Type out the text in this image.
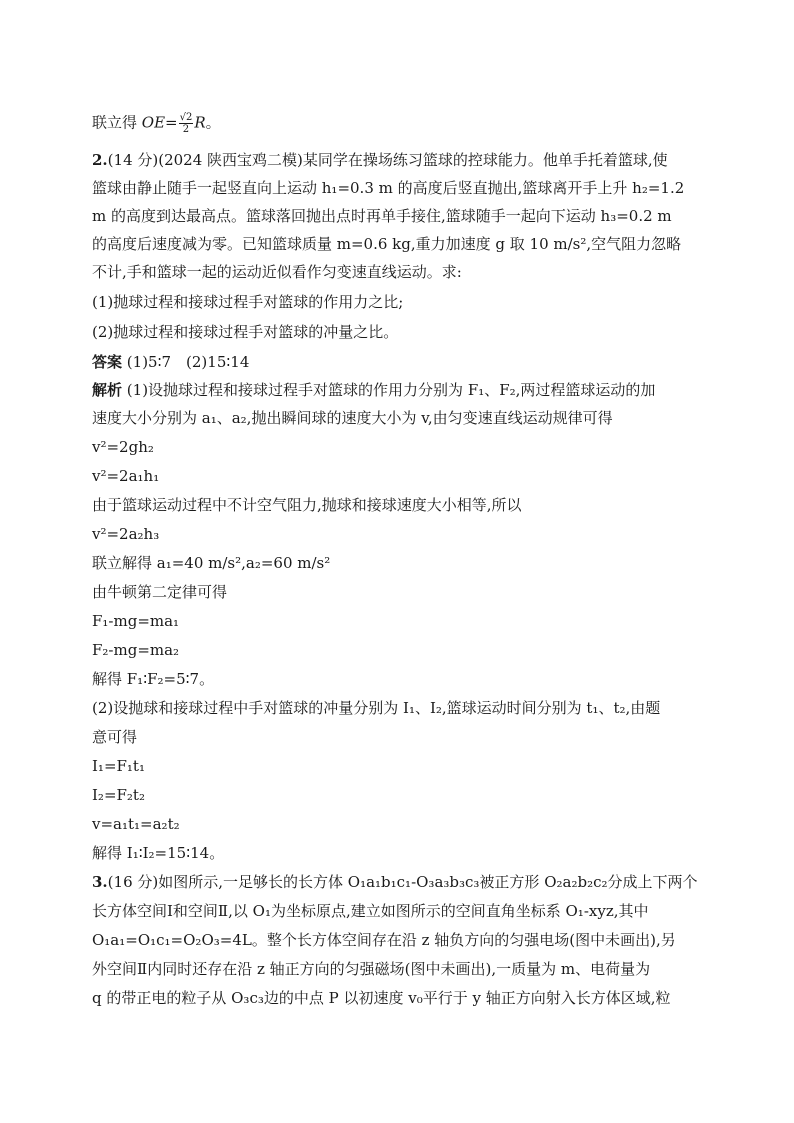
联立得 $OE= \frac{√2}{2}$ R。
2.(14 分)(2024 陕西宝鸡二模)某同学在操场练习篮球的控球能力。他单手托着篮球,使
篮球由静止随手一起竖直向上运动 h₁=0.3 m 的高度后竖直抛出,篮球离开手上升 h₂=1.2
m 的高度到达最高点。篮球落回抛出点时再单手接住,篮球随手一起向下运动 h₃=0.2 m
的高度后速度减为零。已知篮球质量 m=0.6 kg,重力加速度 g 取 10 m/s²,空气阻力忽略
不计,手和篮球一起的运动近似看作匀变速直线运动。求:
(1)抛球过程和接球过程手对篮球的作用力之比;
(2)抛球过程和接球过程手对篮球的冲量之比。
答案 (1)5∶7　(2)15∶14
解析 (1)设抛球过程和接球过程手对篮球的作用力分别为 F₁、F₂,两过程篮球运动的加
速度大小分别为 a₁、a₂,抛出瞬间球的速度大小为 v,由匀变速直线运动规律可得
v²=2gh₂
v²=2a₁h₁
由于篮球运动过程中不计空气阻力,抛球和接球速度大小相等,所以
v²=2a₂h₃
联立解得 a₁=40 m/s²,a₂=60 m/s²
由牛顿第二定律可得
F₁-mg=ma₁
F₂-mg=ma₂
解得 F₁∶F₂=5∶7。
(2)设抛球和接球过程中手对篮球的冲量分别为 I₁、I₂,篮球运动时间分别为 t₁、t₂,由题
意可得
I₁=F₁t₁
I₂=F₂t₂
v=a₁t₁=a₂t₂
解得 I₁∶I₂=15∶14。
3.(16 分)如图所示,一足够长的长方体 O₁a₁b₁c₁-O₃a₃b₃c₃被正方形 O₂a₂b₂c₂分成上下两个
长方体空间Ⅰ和空间Ⅱ,以 O₁为坐标原点,建立如图所示的空间直角坐标系 O₁-xyz,其中
O₁a₁=O₁c₁=O₂O₃=4L。整个长方体空间存在沿 z 轴负方向的匀强电场(图中未画出),另
外空间Ⅱ内同时还存在沿 z 轴正方向的匀强磁场(图中未画出),一质量为 m、电荷量为
q 的带正电的粒子从 O₃c₃边的中点 P 以初速度 v₀平行于 y 轴正方向射入长方体区域,粒
